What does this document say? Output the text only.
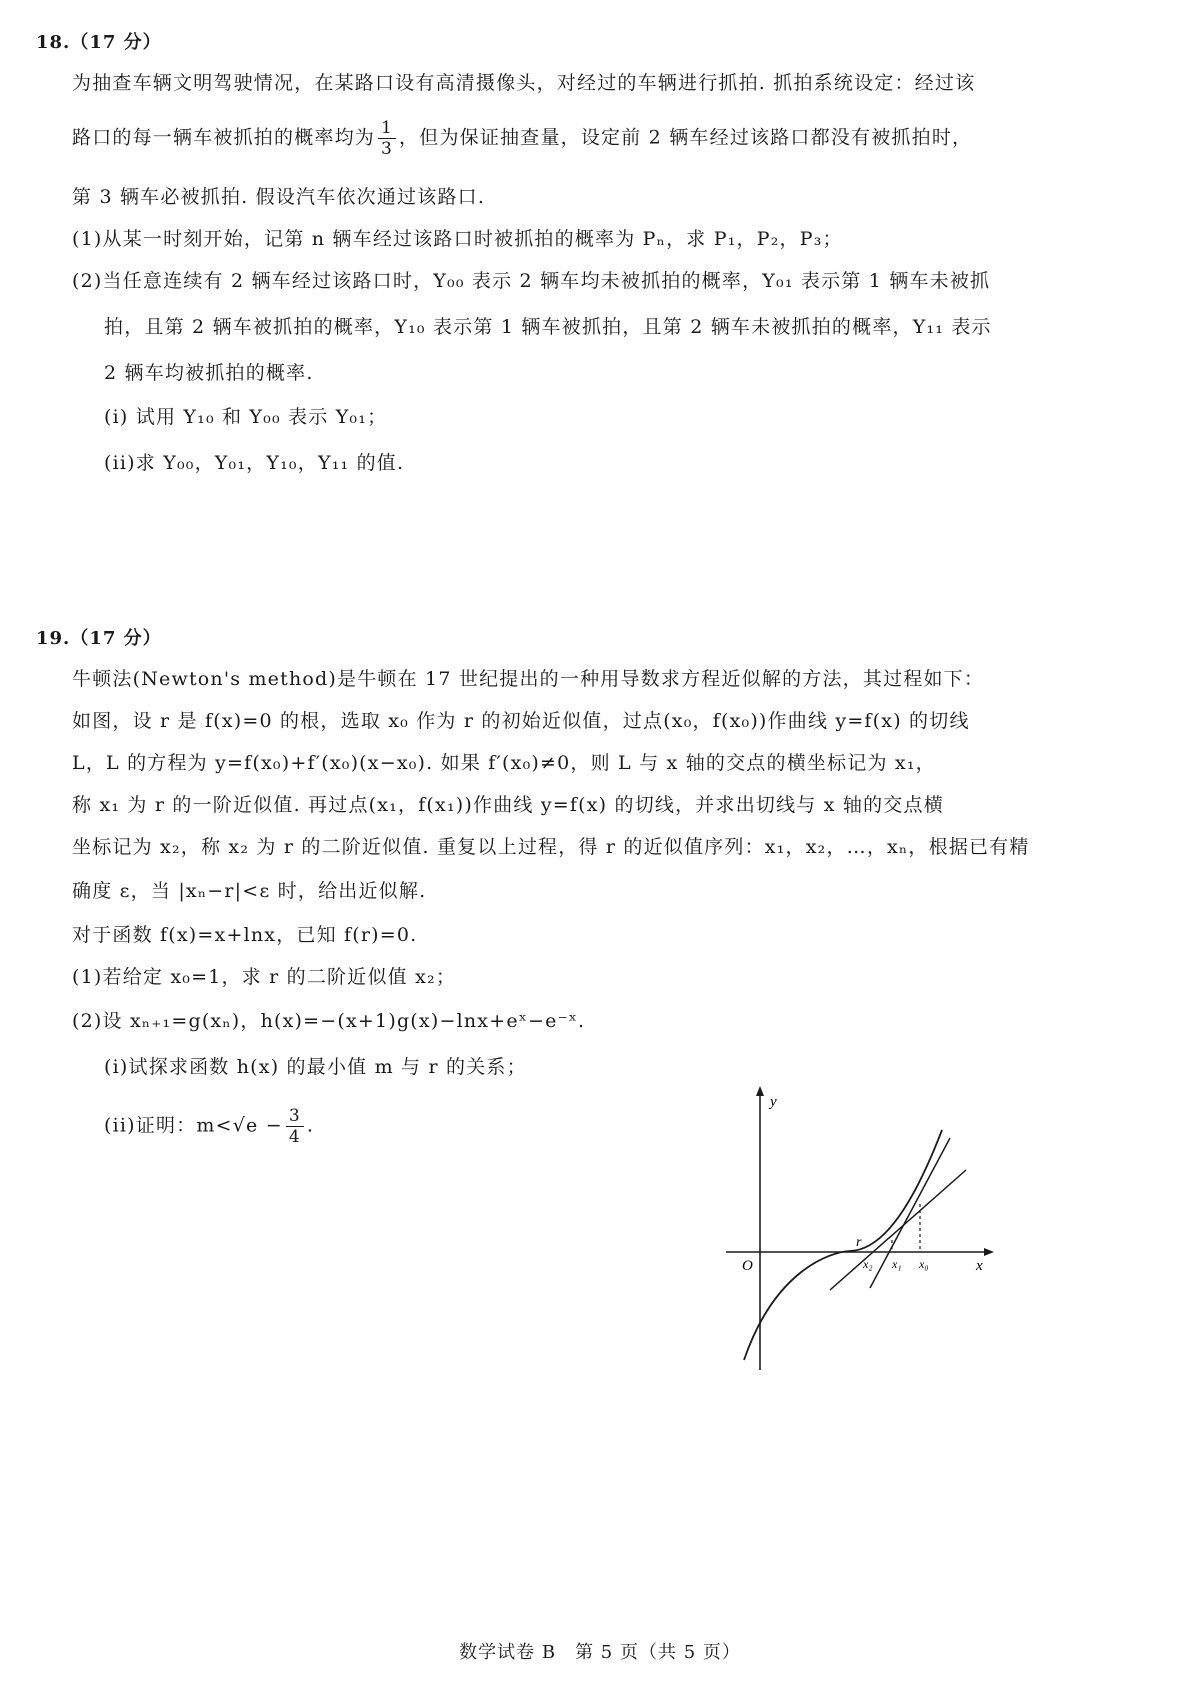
18.（17 分）
为抽查车辆文明驾驶情况，在某路口设有高清摄像头，对经过的车辆进行抓拍. 抓拍系统设定：经过该
路口的每一辆车被抓拍的概率均为 $\frac{1}{3}$ ，但为保证抽查量，设定前 2 辆车经过该路口都没有被抓拍时，
第 3 辆车必被抓拍. 假设汽车依次通过该路口.
(1)从某一时刻开始，记第 n 辆车经过该路口时被抓拍的概率为 Pₙ，求 P₁，P₂，P₃；
(2)当任意连续有 2 辆车经过该路口时，Y₀₀ 表示 2 辆车均未被抓拍的概率，Y₀₁ 表示第 1 辆车未被抓
拍，且第 2 辆车被抓拍的概率，Y₁₀ 表示第 1 辆车被抓拍，且第 2 辆车未被抓拍的概率，Y₁₁ 表示
2 辆车均被抓拍的概率.
(i) 试用 Y₁₀ 和 Y₀₀ 表示 Y₀₁；
(ii)求 Y₀₀，Y₀₁，Y₁₀，Y₁₁ 的值.
19.（17 分）
牛顿法(Newton's method)是牛顿在 17 世纪提出的一种用导数求方程近似解的方法，其过程如下：
如图，设 r 是 f(x)=0 的根，选取 x₀ 作为 r 的初始近似值，过点(x₀，f(x₀))作曲线 y=f(x) 的切线
L，L 的方程为 y=f(x₀)+f′(x₀)(x−x₀). 如果 f′(x₀)≠0，则 L 与 x 轴的交点的横坐标记为 x₁，
称 x₁ 为 r 的一阶近似值. 再过点(x₁，f(x₁))作曲线 y=f(x) 的切线，并求出切线与 x 轴的交点横
坐标记为 x₂，称 x₂ 为 r 的二阶近似值. 重复以上过程，得 r 的近似值序列：x₁，x₂，…，xₙ，根据已有精
确度 ε，当 |xₙ−r|<ε 时，给出近似解.
对于函数 f(x)=x+lnx，已知 f(r)=0.
(1)若给定 x₀=1，求 r 的二阶近似值 x₂；
(2)设 xₙ₊₁=g(xₙ)，h(x)=−(x+1)g(x)−lnx+eˣ−e⁻ˣ.
(i)试探求函数 h(x) 的最小值 m 与 r 的关系；
(ii)证明：$m<√e - \frac{3}{4}$ .
y
x
O
r
x₂ x₁ x₀
数学试卷 B　第 5 页（共 5 页）
